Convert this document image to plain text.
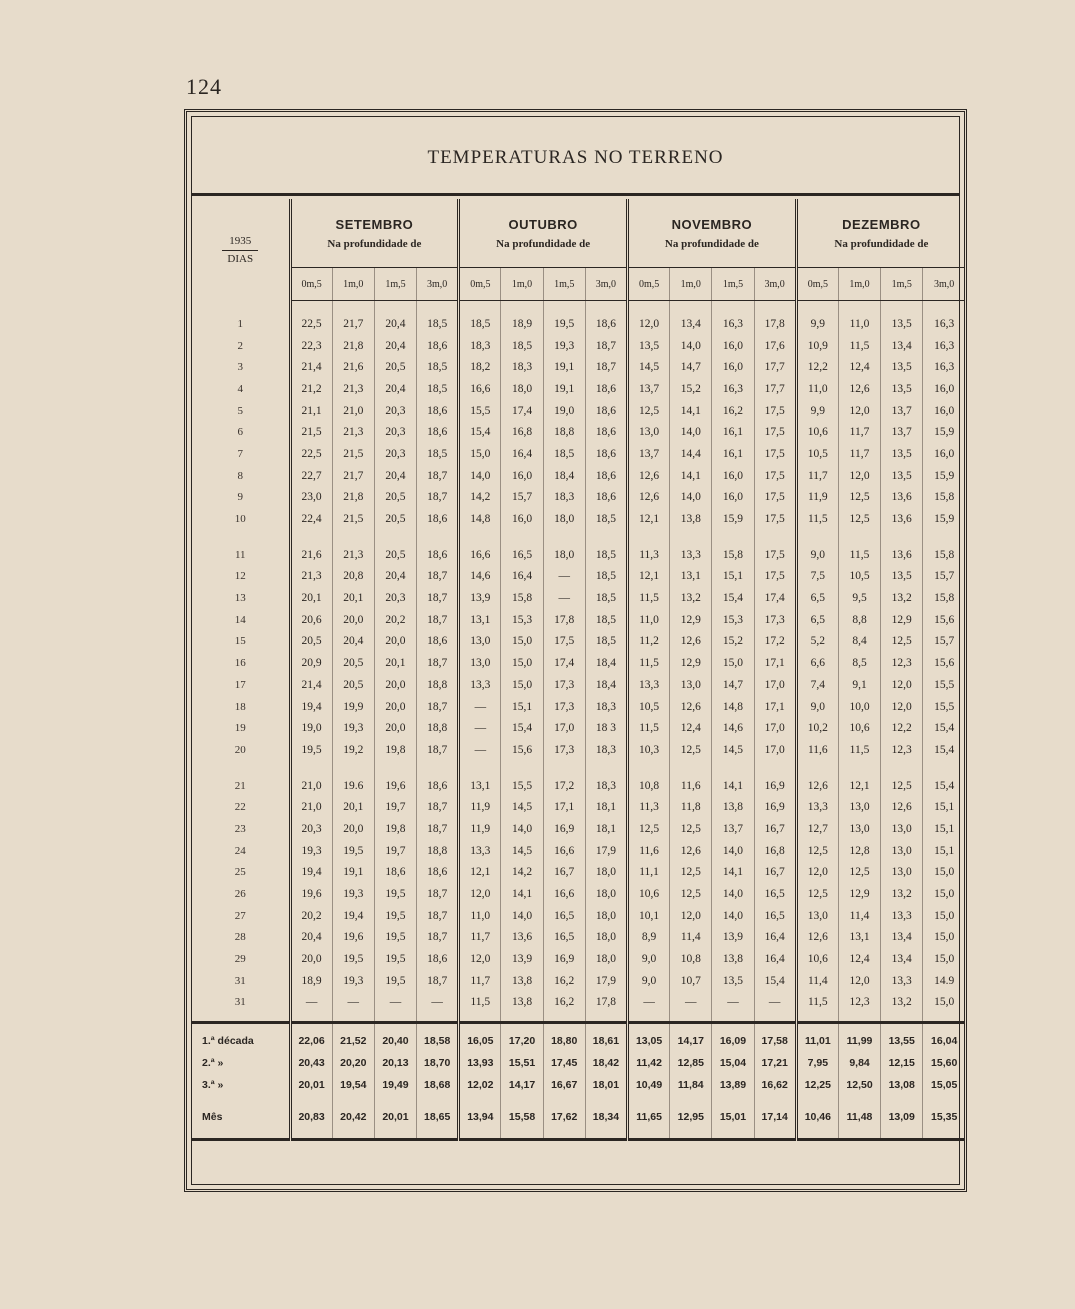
124
TEMPERATURAS NO TERRENO
1935
DIAS	SETEMBRO
Na profundidade de				OUTUBRO
Na profundidade de				NOVEMBRO
Na profundidade de				DEZEMBRO
Na profundidade de			

	0m,5	1m,0	1m,5	3m,0	0m,5	1m,0	1m,5	3m,0	0m,5	1m,0	1m,5	3m,0	0m,5	1m,0	1m,5	3m,0
1	22,5	21,7	20,4	18,5	18,5	18,9	19,5	18,6	12,0	13,4	16,3	17,8	9,9	11,0	13,5	16,3
2	22,3	21,8	20,4	18,6	18,3	18,5	19,3	18,7	13,5	14,0	16,0	17,6	10,9	11,5	13,4	16,3
3	21,4	21,6	20,5	18,5	18,2	18,3	19,1	18,7	14,5	14,7	16,0	17,7	12,2	12,4	13,5	16,3
4	21,2	21,3	20,4	18,5	16,6	18,0	19,1	18,6	13,7	15,2	16,3	17,7	11,0	12,6	13,5	16,0
5	21,1	21,0	20,3	18,6	15,5	17,4	19,0	18,6	12,5	14,1	16,2	17,5	9,9	12,0	13,7	16,0
6	21,5	21,3	20,3	18,6	15,4	16,8	18,8	18,6	13,0	14,0	16,1	17,5	10,6	11,7	13,7	15,9
7	22,5	21,5	20,3	18,5	15,0	16,4	18,5	18,6	13,7	14,4	16,1	17,5	10,5	11,7	13,5	16,0
8	22,7	21,7	20,4	18,7	14,0	16,0	18,4	18,6	12,6	14,1	16,0	17,5	11,7	12,0	13,5	15,9
9	23,0	21,8	20,5	18,7	14,2	15,7	18,3	18,6	12,6	14,0	16,0	17,5	11,9	12,5	13,6	15,8
10	22,4	21,5	20,5	18,6	14,8	16,0	18,0	18,5	12,1	13,8	15,9	17,5	11,5	12,5	13,6	15,9
11	21,6	21,3	20,5	18,6	16,6	16,5	18,0	18,5	11,3	13,3	15,8	17,5	9,0	11,5	13,6	15,8
12	21,3	20,8	20,4	18,7	14,6	16,4	—	18,5	12,1	13,1	15,1	17,5	7,5	10,5	13,5	15,7
13	20,1	20,1	20,3	18,7	13,9	15,8	—	18,5	11,5	13,2	15,4	17,4	6,5	9,5	13,2	15,8
14	20,6	20,0	20,2	18,7	13,1	15,3	17,8	18,5	11,0	12,9	15,3	17,3	6,5	8,8	12,9	15,6
15	20,5	20,4	20,0	18,6	13,0	15,0	17,5	18,5	11,2	12,6	15,2	17,2	5,2	8,4	12,5	15,7
16	20,9	20,5	20,1	18,7	13,0	15,0	17,4	18,4	11,5	12,9	15,0	17,1	6,6	8,5	12,3	15,6
17	21,4	20,5	20,0	18,8	13,3	15,0	17,3	18,4	13,3	13,0	14,7	17,0	7,4	9,1	12,0	15,5
18	19,4	19,9	20,0	18,7	—	15,1	17,3	18,3	10,5	12,6	14,8	17,1	9,0	10,0	12,0	15,5
19	19,0	19,3	20,0	18,8	—	15,4	17,0	18 3	11,5	12,4	14,6	17,0	10,2	10,6	12,2	15,4
20	19,5	19,2	19,8	18,7	—	15,6	17,3	18,3	10,3	12,5	14,5	17,0	11,6	11,5	12,3	15,4
21	21,0	19.6	19,6	18,6	13,1	15,5	17,2	18,3	10,8	11,6	14,1	16,9	12,6	12,1	12,5	15,4
22	21,0	20,1	19,7	18,7	11,9	14,5	17,1	18,1	11,3	11,8	13,8	16,9	13,3	13,0	12,6	15,1
23	20,3	20,0	19,8	18,7	11,9	14,0	16,9	18,1	12,5	12,5	13,7	16,7	12,7	13,0	13,0	15,1
24	19,3	19,5	19,7	18,8	13,3	14,5	16,6	17,9	11,6	12,6	14,0	16,8	12,5	12,8	13,0	15,1
25	19,4	19,1	18,6	18,6	12,1	14,2	16,7	18,0	11,1	12,5	14,1	16,7	12,0	12,5	13,0	15,0
26	19,6	19,3	19,5	18,7	12,0	14,1	16,6	18,0	10,6	12,5	14,0	16,5	12,5	12,9	13,2	15,0
27	20,2	19,4	19,5	18,7	11,0	14,0	16,5	18,0	10,1	12,0	14,0	16,5	13,0	11,4	13,3	15,0
28	20,4	19,6	19,5	18,7	11,7	13,6	16,5	18,0	8,9	11,4	13,9	16,4	12,6	13,1	13,4	15,0
29	20,0	19,5	19,5	18,6	12,0	13,9	16,9	18,0	9,0	10,8	13,8	16,4	10,6	12,4	13,4	15,0
31	18,9	19,3	19,5	18,7	11,7	13,8	16,2	17,9	9,0	10,7	13,5	15,4	11,4	12,0	13,3	14.9
31	—	—	—	—	11,5	13,8	16,2	17,8	—	—	—	—	11,5	12,3	13,2	15,0
1.ª década	22,06	21,52	20,40	18,58	16,05	17,20	18,80	18,61	13,05	14,17	16,09	17,58	11,01	11,99	13,55	16,04
2.ª »	20,43	20,20	20,13	18,70	13,93	15,51	17,45	18,42	11,42	12,85	15,04	17,21	7,95	9,84	12,15	15,60
3.ª »	20,01	19,54	19,49	18,68	12,02	14,17	16,67	18,01	10,49	11,84	13,89	16,62	12,25	12,50	13,08	15,05
Mês	20,83	20,42	20,01	18,65	13,94	15,58	17,62	18,34	11,65	12,95	15,01	17,14	10,46	11,48	13,09	15,35
